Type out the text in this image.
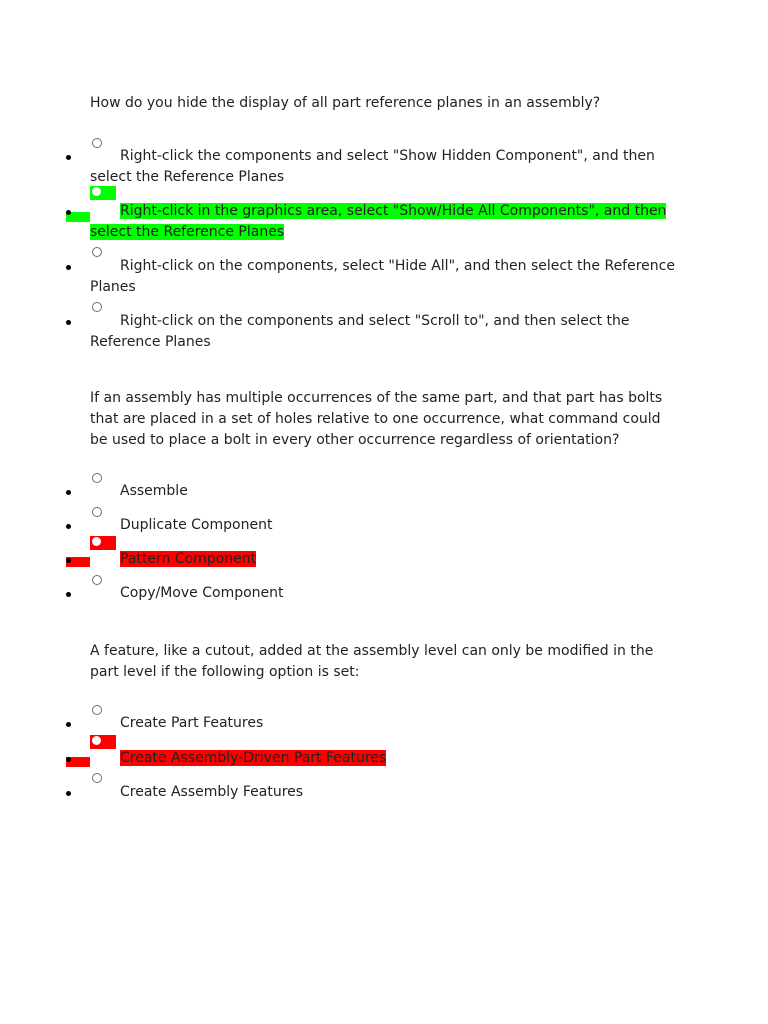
How do you hide the display of all part reference planes in an assembly?

Right-click the components and select "Show Hidden Component", and then select the Reference Planes

Right-click in the graphics area, select "Show/Hide All Components", and then select the Reference Planes

Right-click on the components, select "Hide All", and then select the Reference Planes

Right-click on the components and select "Scroll to", and then select the Reference Planes

If an assembly has multiple occurrences of the same part, and that part has bolts that are placed in a set of holes relative to one occurrence, what command could be used to place a bolt in every other occurrence regardless of orientation?

Assemble

Duplicate Component

Pattern Component

Copy/Move Component

A feature, like a cutout, added at the assembly level can only be modified in the part level if the following option is set:

Create Part Features

Create Assembly-Driven Part Features

Create Assembly Features
